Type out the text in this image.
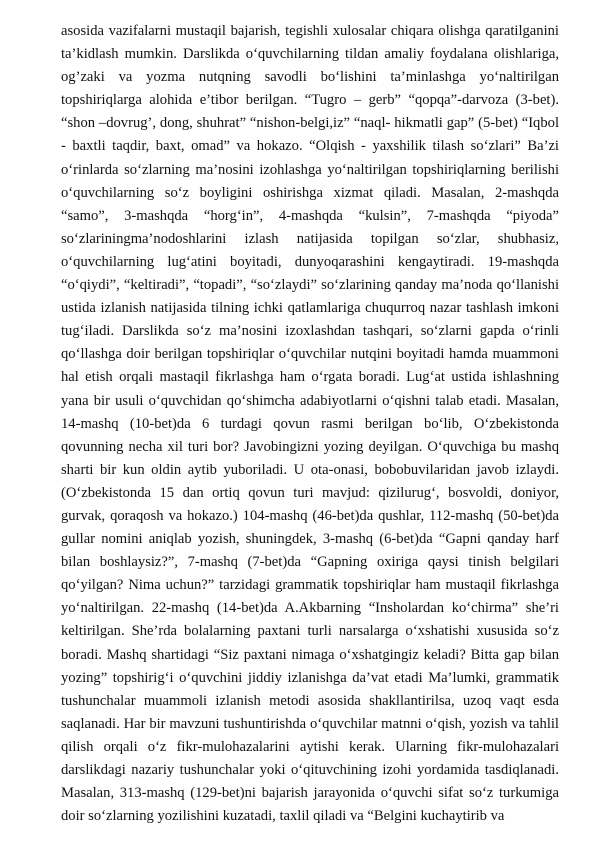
asosida vazifalarni mustaqil bajarish, tegishli xulosalar chiqara olishga qaratilganini ta’kidlash mumkin. Darslikda o‘quvchilarning tildan amaliy foydalana olishlariga, og’zaki va yozma nutqning savodli bo‘lishini ta’minlashga yo‘naltirilgan topshiriqlarga alohida e’tibor berilgan. “Tugro – gerb” “qopqa”-darvoza (3-bet). “shon –dovrug’, dong, shuhrat” “nishon-belgi,iz” “naql- hikmatli gap” (5-bet) “Iqbol - baxtli taqdir, baxt, omad” va hokazo. “Olqish - yaxshilik tilash so‘zlari” Ba’zi o‘rinlarda so‘zlarning ma’nosini izohlashga yo‘naltirilgan topshiriqlarning berilishi o‘quvchilarning so‘z boyligini oshirishga xizmat qiladi. Masalan, 2-mashqda “samo”, 3-mashqda “horg‘in”, 4-mashqda “kulsin”, 7-mashqda “piyoda” so‘zlariningma’nodoshlarini izlash natijasida topilgan so‘zlar, shubhasiz, o‘quvchilarning lug‘atini boyitadi, dunyoqarashini kengaytiradi. 19-mashqda “o‘qiydi”, “keltiradi”, “topadi”, “so‘zlaydi” so‘zlarining qanday ma’noda qo‘llanishi ustida izlanish natijasida tilning ichki qatlamlariga chuqurroq nazar tashlash imkoni tug‘iladi. Darslikda so‘z ma’nosini izoxlashdan tashqari, so‘zlarni gapda o‘rinli qo‘llashga doir berilgan topshiriqlar o‘quvchilar nutqini boyitadi hamda muammoni hal etish orqali mastaqil fikrlashga ham o‘rgata boradi. Lug‘at ustida ishlashning yana bir usuli o‘quvchidan qo‘shimcha adabiyotlarni o‘qishni talab etadi. Masalan, 14-mashq (10-bet)da 6 turdagi qovun rasmi berilgan bo‘lib, O‘zbekistonda qovunning necha xil turi bor? Javobingizni yozing deyilgan. O‘quvchiga bu mashq sharti bir kun oldin aytib yuboriladi. U ota-onasi, bobobuvilaridan javob izlaydi. (O‘zbekistonda 15 dan ortiq qovun turi mavjud: qizilurug‘, bosvoldi, doniyor, gurvak, qoraqosh va hokazo.) 104-mashq (46-bet)da qushlar, 112-mashq (50-bet)da gullar nomini aniqlab yozish, shuningdek, 3-mashq (6-bet)da “Gapni qanday harf bilan boshlaysiz?”, 7-mashq (7-bet)da “Gapning oxiriga qaysi tinish belgilari qo‘yilgan? Nima uchun?” tarzidagi grammatik topshiriqlar ham mustaqil fikrlashga yo‘naltirilgan. 22-mashq (14-bet)da A.Akbarning “Insholardan ko‘chirma” she’ri keltirilgan. She’rda bolalarning paxtani turli narsalarga o‘xshatishi xususida so‘z boradi. Mashq shartidagi “Siz paxtani nimaga o‘xshatgingiz keladi? Bitta gap bilan yozing” topshirig‘i o‘quvchini jiddiy izlanishga da’vat etadi Ma’lumki, grammatik tushunchalar muammoli izlanish metodi asosida shakllantirilsa, uzoq vaqt esda saqlanadi. Har bir mavzuni tushuntirishda o‘quvchilar matnni o‘qish, yozish va tahlil qilish orqali o‘z fikr-mulohazalarini aytishi kerak. Ularning fikr-mulohazalari darslikdagi nazariy tushunchalar yoki o‘qituvchining izohi yordamida tasdiqlanadi. Masalan, 313-mashq (129-bet)ni bajarish jarayonida o‘quvchi sifat so‘z turkumiga doir so‘zlarning yozilishini kuzatadi, taxlil qiladi va “Belgini kuchaytirib va
